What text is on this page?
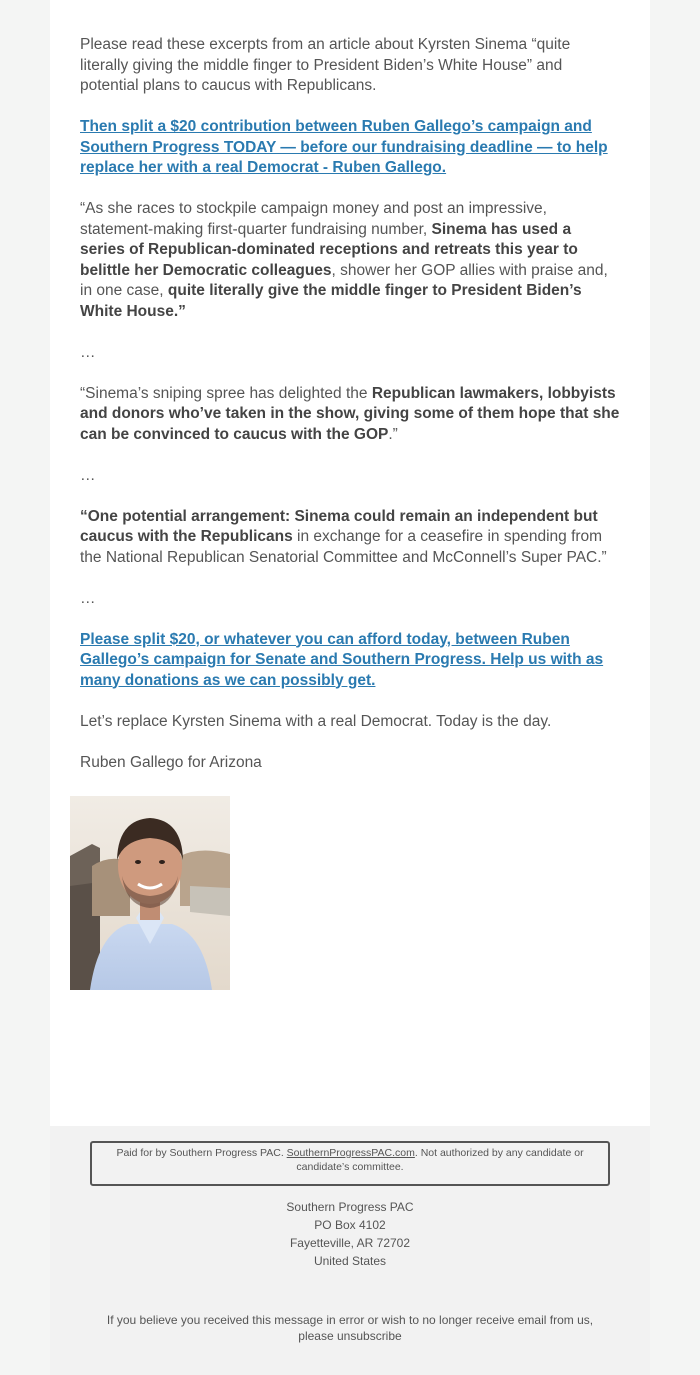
Please read these excerpts from an article about Kyrsten Sinema “quite literally giving the middle finger to President Biden’s White House” and potential plans to caucus with Republicans.

Then split a $20 contribution between Ruben Gallego’s campaign and Southern Progress TODAY — before our fundraising deadline — to help replace her with a real Democrat - Ruben Gallego.

“As she races to stockpile campaign money and post an impressive, statement-making first-quarter fundraising number, Sinema has used a series of Republican-dominated receptions and retreats this year to belittle her Democratic colleagues, shower her GOP allies with praise and, in one case, quite literally give the middle finger to President Biden’s White House.”

…

“Sinema’s sniping spree has delighted the Republican lawmakers, lobbyists and donors who’ve taken in the show, giving some of them hope that she can be convinced to caucus with the GOP.”

…

“One potential arrangement: Sinema could remain an independent but caucus with the Republicans in exchange for a ceasefire in spending from the National Republican Senatorial Committee and McConnell’s Super PAC.”

…

Please split $20, or whatever you can afford today, between Ruben Gallego’s campaign for Senate and Southern Progress. Help us with as many donations as we can possibly get.

Let’s replace Kyrsten Sinema with a real Democrat. Today is the day.

Ruben Gallego for Arizona

Paid for by Southern Progress PAC. SouthernProgressPAC.com. Not authorized by any candidate or candidate’s committee.
Southern Progress PAC
PO Box 4102
Fayetteville, AR 72702
United States
If you believe you received this message in error or wish to no longer receive email from us,
please unsubscribe
